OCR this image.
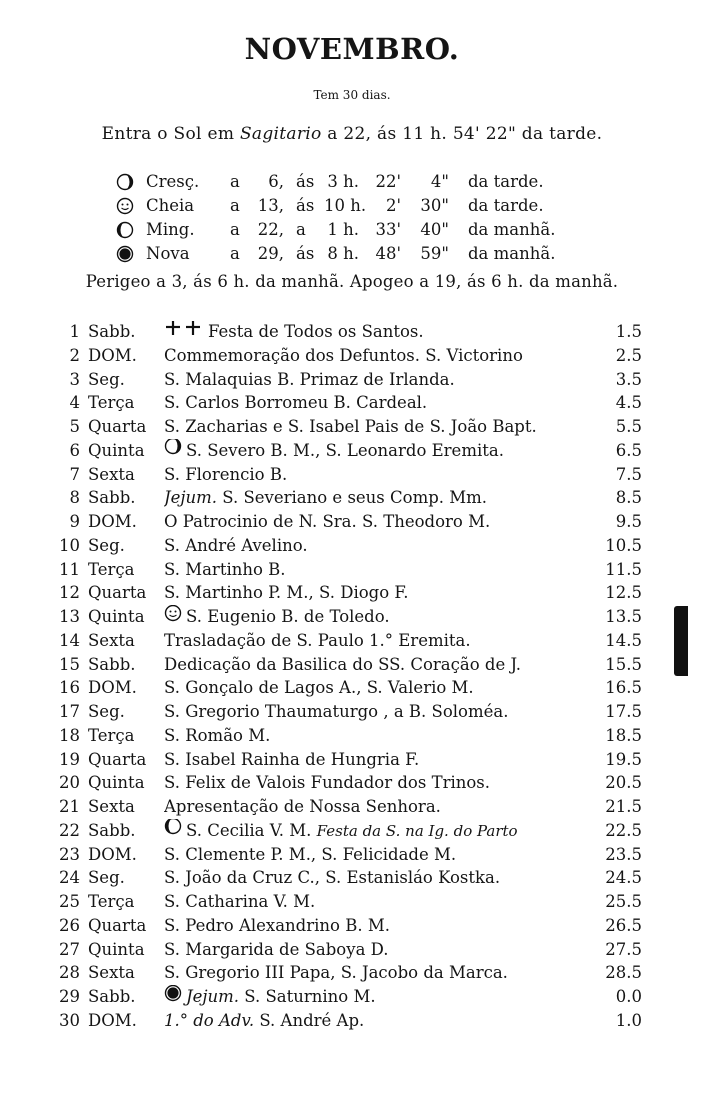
NOVEMBRO.
Tem 30 dias.
Entra o Sol em Sagitario a 22, ás 11 h. 54' 22" da tarde.
Cresç. a	6, ás 3 h. 22'	4" da tarde.
Cheia a 13, ás 10 h.	2'	30" da tarde.
Ming. a 22, a 1 h. 33'	40" da manhã.
Nova a 29, ás 8 h. 48'	59" da manhã.
Perigeo a 3, ás 6 h. da manhã. Apogeo a 19, ás 6 h. da manhã.
1 Sabb.	Festa de Todos os Santos.	1.5
2 DOM. Commemoração dos Defuntos. S. Victorino	2.5
3 Seg. S. Malaquias B. Primaz de Irlanda.	3.5
4 Terça S. Carlos Borromeu B. Cardeal.	4.5
5 Quarta S. Zacharias e S. Isabel Pais de S. João Bapt.	5.5
6 Quinta	S. Severo B. M., S. Leonardo Eremita.	6.5
7 Sexta S. Florencio B.	7.5
8 Sabb. Jejum. S. Severiano e seus Comp. Mm.	8.5
9 DOM. O Patrocinio de N. Sra. S. Theodoro M.	9.5
10 Seg. S. André Avelino.	10.5
11 Terça S. Martinho B.	11.5
12 Quarta S. Martinho P. M., S. Diogo F.	12.5
13 Quinta	S. Eugenio B. de Toledo.	13.5
14 Sexta Trasladação de S. Paulo 1.° Eremita.	14.5
15 Sabb. Dedicação da Basilica do SS. Coração de J.	15.5
16 DOM. S. Gonçalo de Lagos A., S. Valerio M.	16.5
17 Seg. S. Gregorio Thaumaturgo , a B. Soloméa.	17.5
18 Terça S. Romão M.	18.5
19 Quarta S. Isabel Rainha de Hungria F.	19.5
20 Quinta S. Felix de Valois Fundador dos Trinos.	20.5
21 Sexta Apresentação de Nossa Senhora.	21.5
22 Sabb.	S. Cecilia V. M. Festa da S. na Ig. do Parto	22.5
23 DOM. S. Clemente P. M., S. Felicidade M.	23.5
24 Seg. S. João da Cruz C., S. Estanisláo Kostka.	24.5
25 Terça S. Catharina V. M.	25.5
26 Quarta S. Pedro Alexandrino B. M.	26.5
27 Quinta S. Margarida de Saboya D.	27.5
28 Sexta S. Gregorio III Papa, S. Jacobo da Marca.	28.5
29 Sabb.	Jejum. S. Saturnino M.	0.0
30 DOM. 1.° do Adv. S. André Ap.	1.0
